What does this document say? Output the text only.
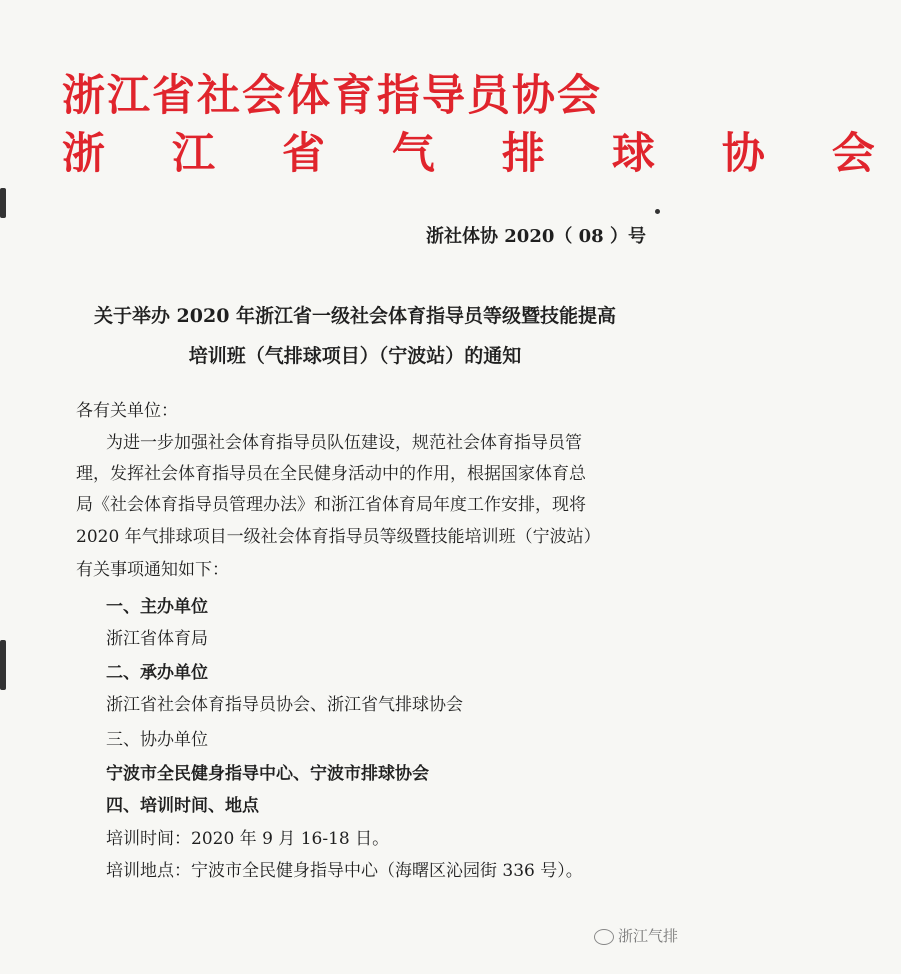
浙江省社会体育指导员协会
浙 江 省 气 排 球 协 会
浙社体协 2020（ 08 ）号
关于举办 2020 年浙江省一级社会体育指导员等级暨技能提高
培训班（气排球项目）（宁波站）的通知
各有关单位：
为进一步加强社会体育指导员队伍建设，规范社会体育指导员管
理，发挥社会体育指导员在全民健身活动中的作用，根据国家体育总
局《社会体育指导员管理办法》和浙江省体育局年度工作安排，现将
2020 年气排球项目一级社会体育指导员等级暨技能培训班（宁波站）
有关事项通知如下：
一、主办单位
浙江省体育局
二、承办单位
浙江省社会体育指导员协会、浙江省气排球协会
三、协办单位
宁波市全民健身指导中心、宁波市排球协会
四、培训时间、地点
培训时间：2020 年 9 月 16-18 日。
培训地点：宁波市全民健身指导中心（海曙区沁园街 336 号）。
浙江气排
